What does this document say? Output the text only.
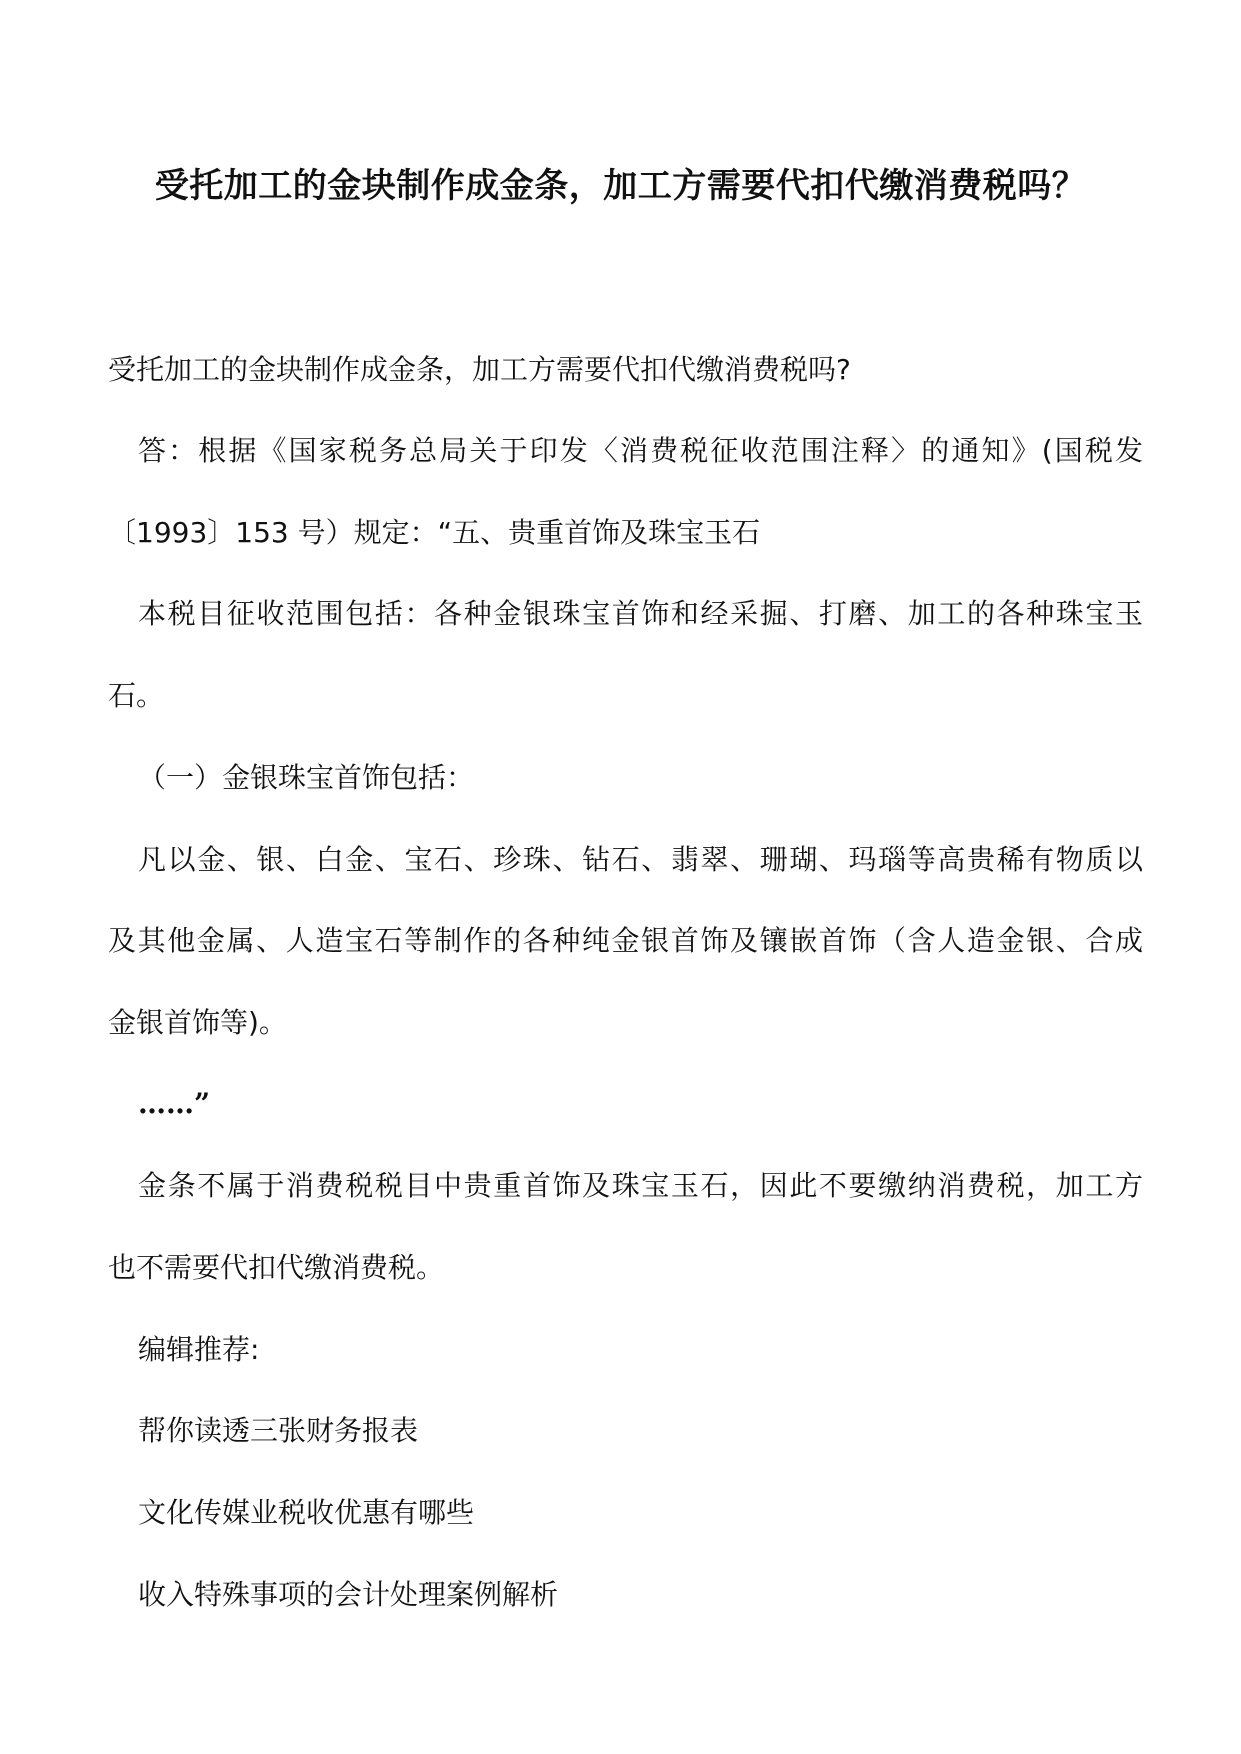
受托加工的金块制作成金条，加工方需要代扣代缴消费税吗？
受托加工的金块制作成金条，加工方需要代扣代缴消费税吗?
答：根据《国家税务总局关于印发〈消费税征收范围注释〉的通知》(国税发
〔1993〕153 号）规定：“五、贵重首饰及珠宝玉石
本税目征收范围包括：各种金银珠宝首饰和经采掘、打磨、加工的各种珠宝玉
石。
（一）金银珠宝首饰包括：
凡以金、银、白金、宝石、珍珠、钻石、翡翠、珊瑚、玛瑙等高贵稀有物质以
及其他金属、人造宝石等制作的各种纯金银首饰及镶嵌首饰（含人造金银、合成
金银首饰等)。
……”
金条不属于消费税税目中贵重首饰及珠宝玉石，因此不要缴纳消费税，加工方
也不需要代扣代缴消费税。
编辑推荐:
帮你读透三张财务报表
文化传媒业税收优惠有哪些
收入特殊事项的会计处理案例解析
